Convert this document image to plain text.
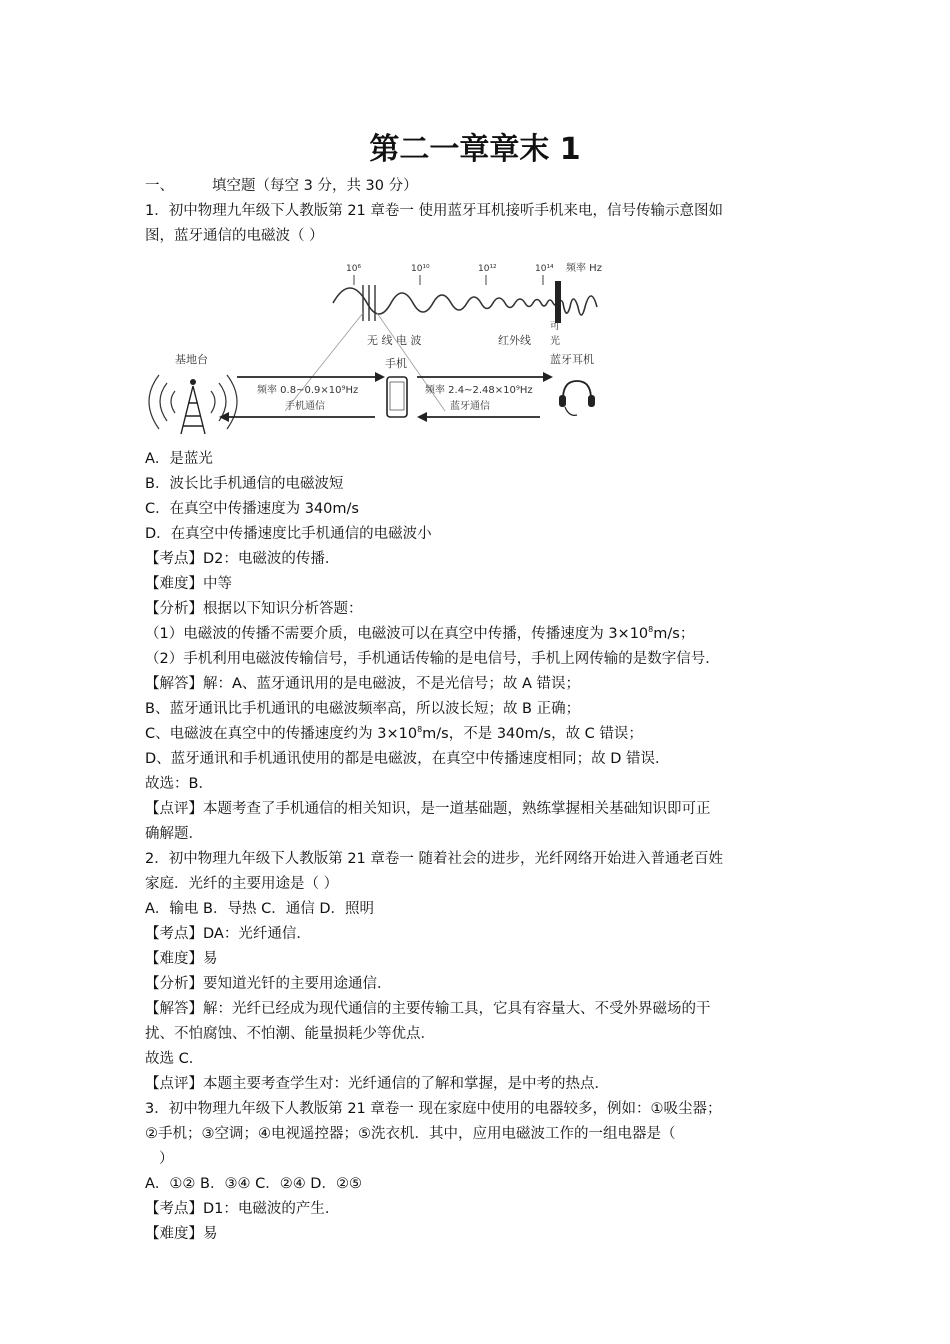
第二一章章末 1
一、	填空题（每空 3 分，共 30 分）
1．初中物理九年级下人教版第 21 章卷一 使用蓝牙耳机接听手机来电，信号传输示意图如
图，蓝牙通信的电磁波（ ）
10⁶	10¹⁰	10¹²	10¹⁴ 频率 Hz
无 线 电 波	红外线
可
光
基地台
频率 0.8~0.9×10⁹Hz
手机通信
手机
频率 2.4~2.48×10⁹Hz
蓝牙通信
蓝牙耳机
A．是蓝光
B．波长比手机通信的电磁波短
C．在真空中传播速度为 340m/s
D．在真空中传播速度比手机通信的电磁波小
【考点】D2：电磁波的传播．
【难度】中等
【分析】根据以下知识分析答题：
（1）电磁波的传播不需要介质，电磁波可以在真空中传播，传播速度为 $3\times 10^8m/s$；
（2）手机利用电磁波传输信号，手机通话传输的是电信号，手机上网传输的是数字信号．
【解答】解：A、蓝牙通讯用的是电磁波，不是光信号；故 A 错误；
B、蓝牙通讯比手机通讯的电磁波频率高，所以波长短；故 B 正确；
C、电磁波在真空中的传播速度约为 $3\times 10^8m/s$，不是 340m/s，故 C 错误；
D、蓝牙通讯和手机通讯使用的都是电磁波，在真空中传播速度相同；故 D 错误．
故选：B．
【点评】本题考查了手机通信的相关知识，是一道基础题，熟练掌握相关基础知识即可正
确解题．
2．初中物理九年级下人教版第 21 章卷一 随着社会的进步，光纤网络开始进入普通老百姓
家庭．光纤的主要用途是（ ）
A．输电 B．导热 C．通信 D．照明
【考点】DA：光纤通信．
【难度】易
【分析】要知道光钎的主要用途通信．
【解答】解：光纤已经成为现代通信的主要传输工具，它具有容量大、不受外界磁场的干
扰、不怕腐蚀、不怕潮、能量损耗少等优点．
故选 C．
【点评】本题主要考查学生对：光纤通信的了解和掌握，是中考的热点．
3．初中物理九年级下人教版第 21 章卷一 现在家庭中使用的电器较多，例如：①吸尘器；
②手机；③空调；④电视遥控器；⑤洗衣机．其中，应用电磁波工作的一组电器是（
）
A．①② B．③④ C．②④ D．②⑤
【考点】D1：电磁波的产生．
【难度】易
